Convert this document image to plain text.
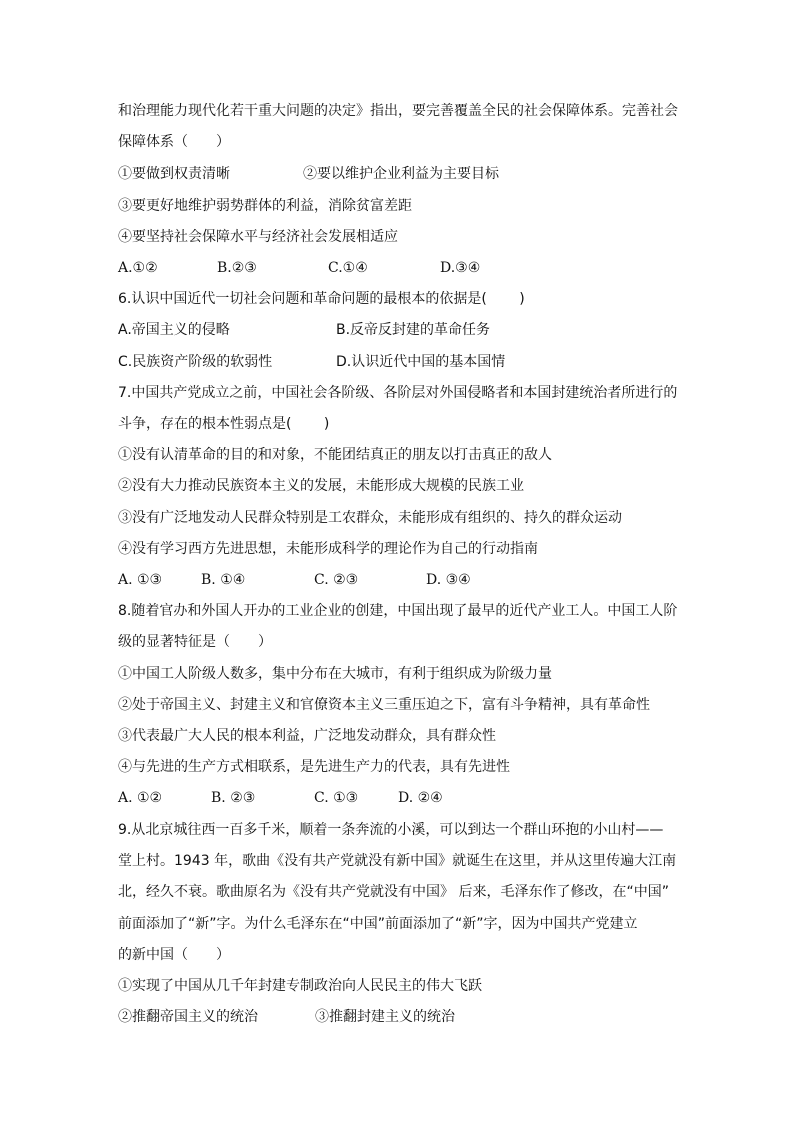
和治理能力现代化若干重大问题的决定》指出，要完善覆盖全民的社会保障体系。完善社会
保障体系（　　）
①要做到权责清晰	②要以维护企业利益为主要目标
③要更好地维护弱势群体的利益，消除贫富差距
④要坚持社会保障水平与经济社会发展相适应
A.①②	B.②③	C.①④	D.③④
6.认识中国近代一切社会问题和革命问题的最根本的依据是(　　 )
A.帝国主义的侵略	B.反帝反封建的革命任务
C.民族资产阶级的软弱性	D.认识近代中国的基本国情
7.中国共产党成立之前，中国社会各阶级、各阶层对外国侵略者和本国封建统治者所进行的
斗争，存在的根本性弱点是(　　 )
①没有认清革命的目的和对象，不能团结真正的朋友以打击真正的敌人
②没有大力推动民族资本主义的发展，未能形成大规模的民族工业
③没有广泛地发动人民群众特别是工农群众，未能形成有组织的、持久的群众运动
④没有学习西方先进思想，未能形成科学的理论作为自己的行动指南
A. ①③	B. ①④	C. ②③	D. ③④
8.随着官办和外国人开办的工业企业的创建，中国出现了最早的近代产业工人。中国工人阶
级的显著特征是（　　）
①中国工人阶级人数多，集中分布在大城市，有利于组织成为阶级力量
②处于帝国主义、封建主义和官僚资本主义三重压迫之下，富有斗争精神，具有革命性
③代表最广大人民的根本利益，广泛地发动群众，具有群众性
④与先进的生产方式相联系，是先进生产力的代表，具有先进性
A. ①②	B. ②③	C. ①③	D. ②④
9.从北京城往西一百多千米，顺着一条奔流的小溪，可以到达一个群山环抱的小山村——
堂上村。1943 年，歌曲《没有共产党就没有新中国》就诞生在这里，并从这里传遍大江南
北，经久不衰。歌曲原名为《没有共产党就没有中国》 后来，毛泽东作了修改，在“中国”
前面添加了“新”字。为什么毛泽东在“中国”前面添加了“新”字，因为中国共产党建立
的新中国（　　）
①实现了中国从几千年封建专制政治向人民民主的伟大飞跃
②推翻帝国主义的统治	③推翻封建主义的统治
